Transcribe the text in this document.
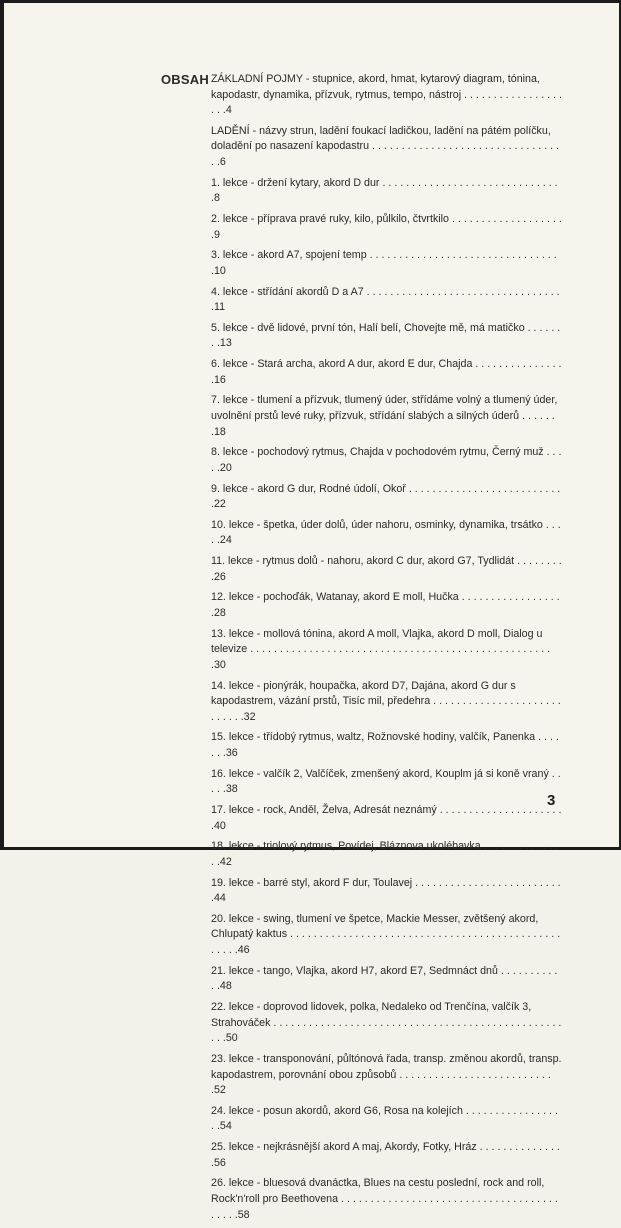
OBSAH ZÁKLADNÍ POJMY - stupnice, akord, hmat, kytarový diagram, tónina, kapodastr, dynamika, přízvuk, rytmus, tempo, nástroj . . . . . . . . . . . . . . . . . . . .4
LADĚNÍ - názvy strun, ladění foukací ladičkou, ladění na pátém políčku, doladění po nasazení kapodastru . . . . . . . . . . . . . . . . . . . . . . . . . . . . . . . . . .6
1. lekce - držení kytary, akord D dur . . . . . . . . . . . . . . . . . . . . . . . . . . . . . . .8
2. lekce - příprava pravé ruky, kilo, půlkilo, čtvrtkilo . . . . . . . . . . . . . . . . . . . .9
3. lekce - akord A7, spojení temp . . . . . . . . . . . . . . . . . . . . . . . . . . . . . . . . .10
4. lekce - střídání akordů D a A7 . . . . . . . . . . . . . . . . . . . . . . . . . . . . . . . . . .11
5. lekce - dvě lidové, první tón, Halí belí, Chovejte mě, má matičko . . . . . . . .13
6. lekce - Stará archa, akord A dur, akord E dur, Chajda . . . . . . . . . . . . . . . .16
7. lekce - tlumení a přízvuk, tlumený úder, střídáme volný a tlumený úder, uvolnění prstů levé ruky, přízvuk, střídání slabých a silných úderů . . . . . . .18
8. lekce - pochodový rytmus, Chajda v pochodovém rytmu, Černý muž . . . . .20
9. lekce - akord G dur, Rodné údolí, Okoř . . . . . . . . . . . . . . . . . . . . . . . . . . .22
10. lekce - špetka, úder dolů, úder nahoru, osminky, dynamika, trsátko . . . . .24
11. lekce - rytmus dolů - nahoru, akord C dur, akord G7, Tydlidát . . . . . . . . .26
12. lekce - pochoďák, Watanay, akord E moll, Hučka . . . . . . . . . . . . . . . . . .28
13. lekce - mollová tónina, akord A moll, Vlajka, akord D moll, Dialog u televize . . . . . . . . . . . . . . . . . . . . . . . . . . . . . . . . . . . . . . . . . . . . . . . . . . . .30
14. lekce - pionýrák, houpačka, akord D7, Dajána, akord G dur s kapodastrem, vázání prstů, Tisíc mil, předehra . . . . . . . . . . . . . . . . . . . . . . . . . . . .32
15. lekce - třídobý rytmus, waltz, Rožnovské hodiny, valčík, Panenka . . . . . . .36
16. lekce - valčík 2, Valčíček, zmenšený akord, Kouplm já si koně vraný . . . . .38
17. lekce - rock, Anděl, Želva, Adresát neznámý . . . . . . . . . . . . . . . . . . . . . .40
18. lekce - triolový rytmus, Povídej, Bláznova ukolébavka . . . . . . . . . . . . . . .42
19. lekce - barré styl, akord F dur, Toulavej . . . . . . . . . . . . . . . . . . . . . . . . . .44
20. lekce - swing, tlumení ve špetce, Mackie Messer, zvětšený akord, Chlupatý kaktus . . . . . . . . . . . . . . . . . . . . . . . . . . . . . . . . . . . . . . . . . . . . . . . . . . .46
21. lekce - tango, Vlajka, akord H7, akord E7, Sedmnáct dnů . . . . . . . . . . . .48
22. lekce - doprovod lidovek, polka, Nedaleko od Trenčína, valčík 3, Strahováček . . . . . . . . . . . . . . . . . . . . . . . . . . . . . . . . . . . . . . . . . . . . . . . . . . . .50
23. lekce - transponování, půltónová řada, transp. změnou akordů, transp. kapodastrem, porovnání obou způsobů . . . . . . . . . . . . . . . . . . . . . . . . . . .52
24. lekce - posun akordů, akord G6, Rosa na kolejích . . . . . . . . . . . . . . . . . .54
25. lekce - nejkrásnější akord A maj, Akordy, Fotky, Hráz . . . . . . . . . . . . . . .56
26. lekce - bluesová dvanáctka, Blues na cestu poslední, rock and roll, Rock'n'roll pro Beethovena . . . . . . . . . . . . . . . . . . . . . . . . . . . . . . . . . . . . . . . . . .58
3
